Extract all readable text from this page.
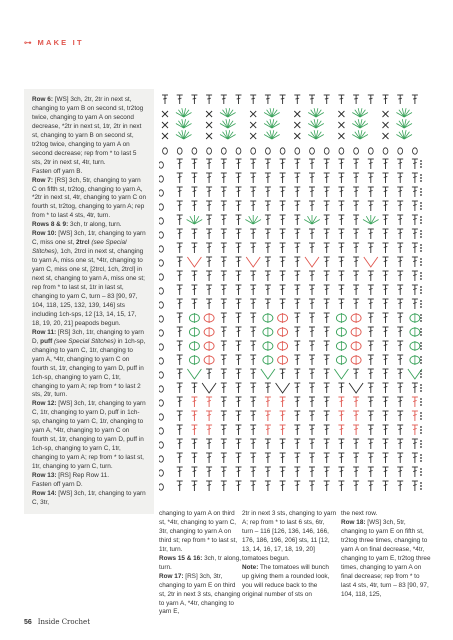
⊶ MAKE IT

Row 6: [WS] 3ch, 2tr, 2tr in next st, changing to yarn B on second st, tr2tog twice, changing to yarn A on second decrease, *2tr in next st, 1tr, 2tr in next st, changing to yarn B on second st, tr2tog twice, changing to yarn A on second decrease; rep from * to last 5 sts, 2tr in next st, 4tr, turn.
Fasten off yarn B.

Row 7: [RS] 3ch, 5tr, changing to yarn C on fifth st, tr2tog, changing to yarn A, *2tr in next st, 4tr, changing to yarn C on fourth st, tr2tog, changing to yarn A; rep from * to last 4 sts, 4tr, turn.

Rows 8 & 9: 3ch, tr along, turn.

Row 10: [WS] 3ch, 1tr, changing to yarn C, miss one st, 2trcl (see Special Stitches), 1ch, 2trcl in next st, changing to yarn A, miss one st, *4tr, changing to yarn C, miss one st, [2trcl, 1ch, 2trcl] in next st, changing to yarn A, miss one st; rep from * to last st, 1tr in last st, changing to yarn C, turn – 83 [90, 97, 104, 118, 125, 132, 139, 146] sts including 1ch-sps, 12 [13, 14, 15, 17, 18, 19, 20, 21] peapods begun.

Row 11: [RS] 3ch, 1tr, changing to yarn D, puff (see Special Stitches) in 1ch-sp, changing to yarn C, 1tr, changing to yarn A, *4tr, changing to yarn C on fourth st, 1tr, changing to yarn D, puff in 1ch-sp, changing to yarn C, 1tr, changing to yarn A; rep from * to last 2 sts, 2tr, turn.

Row 12: [WS] 3ch, 1tr, changing to yarn C, 1tr, changing to yarn D, puff in 1ch-sp, changing to yarn C, 1tr, changing to yarn A, *4tr, changing to yarn C on fourth st, 1tr, changing to yarn D, puff in 1ch-sp, changing to yarn C, 1tr, changing to yarn A; rep from * to last st, 1tr, changing to yarn C, turn.

Row 13: [RS] Rep Row 11.
Fasten off yarn D.

Row 14: [WS] 3ch, 1tr, changing to yarn C, 3tr,

changing to yarn A on third st, *4tr, changing to yarn C, 3tr, changing to yarn A on third st; rep from * to last st, 1tr, turn.

Rows 15 & 16: 3ch, tr along, turn.

Row 17: [RS] 3ch, 3tr, changing to yarn E on third st, 2tr in next 3 sts, changing to yarn A, *4tr, changing to yarn E,

2tr in next 3 sts, changing to yarn A; rep from * to last 6 sts, 6tr, turn – 116 [126, 136, 146, 166, 176, 186, 196, 206] sts, 11 [12, 13, 14, 16, 17, 18, 19, 20] tomatoes begun.

Note: The tomatoes will bunch up giving them a rounded look, you will reduce back to the original number of sts on

the next row.

Row 18: [WS] 3ch, 5tr, changing to yarn E on fifth st, tr2tog three times, changing to yarn A on final decrease, *4tr, changing to yarn E, tr2tog three times, changing to yarn A on final decrease; rep from * to last 4 sts, 4tr, turn – 83 [90, 97, 104, 118, 125,

56 Inside Crochet
